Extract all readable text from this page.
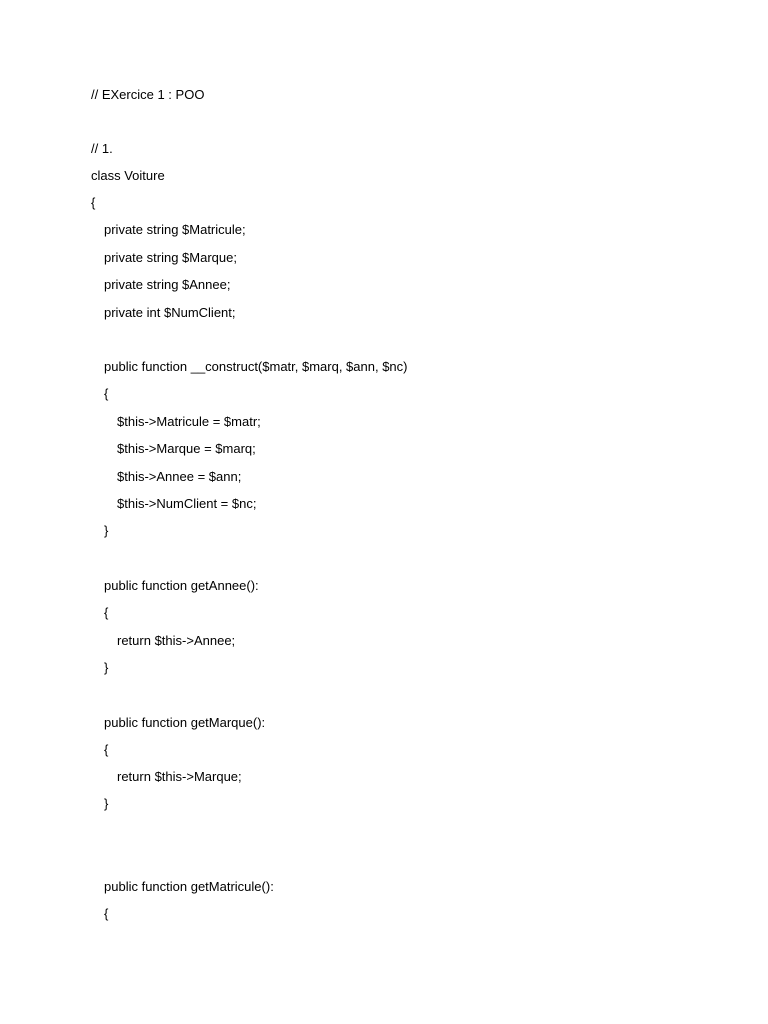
// EXercice 1 : POO
// 1.
class Voiture
{
private string $Matricule;
private string $Marque;
private string $Annee;
private int $NumClient;
public function __construct($matr, $marq, $ann, $nc)
{
$this->Matricule = $matr;
$this->Marque = $marq;
$this->Annee = $ann;
$this->NumClient = $nc;
}
public function getAnnee():
{
return $this->Annee;
}
public function getMarque():
{
return $this->Marque;
}
public function getMatricule():
{
